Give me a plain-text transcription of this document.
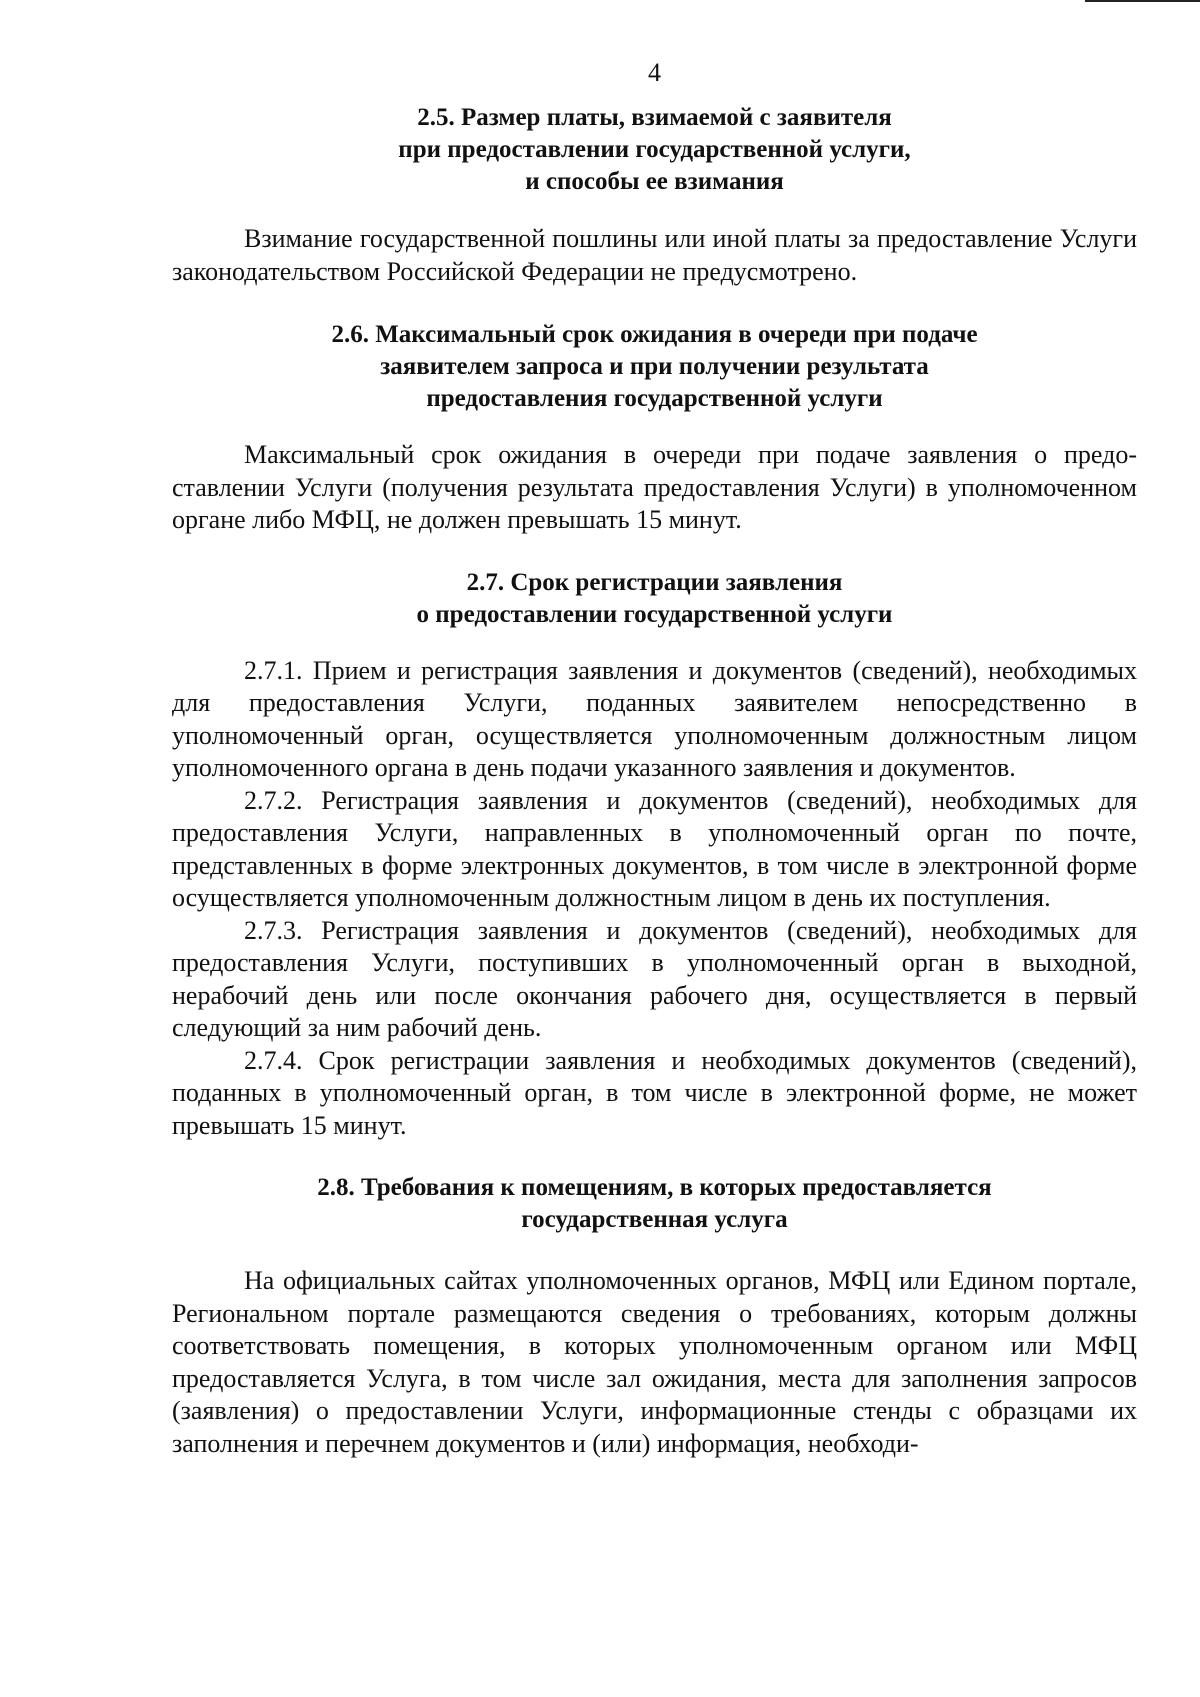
4
2.5. Размер платы, взимаемой с заявителя
при предоставлении государственной услуги,
и способы ее взимания

Взимание государственной пошлины или иной платы за предоставление Услуги законодательством Российской Федерации не предусмотрено.

2.6. Максимальный срок ожидания в очереди при подаче
заявителем запроса и при получении результата
предоставления государственной услуги

Максимальный срок ожидания в очереди при подаче заявления о предоставлении Услуги (получения результата предоставления Услуги) в уполномоченном органе либо МФЦ, не должен превышать 15 минут.

2.7. Срок регистрации заявления
о предоставлении государственной услуги

2.7.1. Прием и регистрация заявления и документов (сведений), необходимых для предоставления Услуги, поданных заявителем непосредственно в уполномоченный орган, осуществляется уполномоченным должностным лицом уполномоченного органа в день подачи указанного заявления и документов.

2.7.2. Регистрация заявления и документов (сведений), необходимых для предоставления Услуги, направленных в уполномоченный орган по почте, представленных в форме электронных документов, в том числе в электронной форме осуществляется уполномоченным должностным лицом в день их поступления.

2.7.3. Регистрация заявления и документов (сведений), необходимых для предоставления Услуги, поступивших в уполномоченный орган в выходной, нерабочий день или после окончания рабочего дня, осуществляется в первый следующий за ним рабочий день.

2.7.4. Срок регистрации заявления и необходимых документов (сведений), поданных в уполномоченный орган, в том числе в электронной форме, не может превышать 15 минут.

2.8. Требования к помещениям, в которых предоставляется
государственная услуга

На официальных сайтах уполномоченных органов, МФЦ или Едином портале, Региональном портале размещаются сведения о требованиях, которым должны соответствовать помещения, в которых уполномоченным органом или МФЦ предоставляется Услуга, в том числе зал ожидания, места для заполнения запросов (заявления) о предоставлении Услуги, информационные стенды с образцами их заполнения и перечнем документов и (или) информация, необходи-
